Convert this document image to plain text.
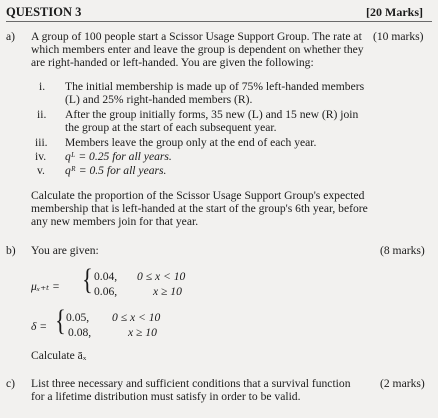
QUESTION 3	[20 Marks]
a)	(10 marks)
A group of 100 people start a Scissor Usage Support Group. The rate at
which members enter and leave the group is dependent on whether they
are right-handed or left-handed. You are given the following:
i. The initial membership is made up of 75% left-handed members
(L) and 25% right-handed members (R).
ii. After the group initially forms, 35 new (L) and 15 new (R) join
the group at the start of each subsequent year.
iii. Members leave the group only at the end of each year.
iv. qᴸ = 0.25 for all years.
v. qᴿ = 0.5 for all years.
Calculate the proportion of the Scissor Usage Support Group's expected
membership that is left-handed at the start of the group's 6th year, before
any new members join for that year.
b)	(8 marks)
You are given:
μₓ₊ₜ = { 0.04, 0 ≤ x < 10
0.06,	x ≥ 10
δ = { 0.05, 0 ≤ x < 10
0.08,	x ≥ 10
Calculate āₓ
c)	(2 marks)
List three necessary and sufficient conditions that a survival function
for a lifetime distribution must satisfy in order to be valid.
